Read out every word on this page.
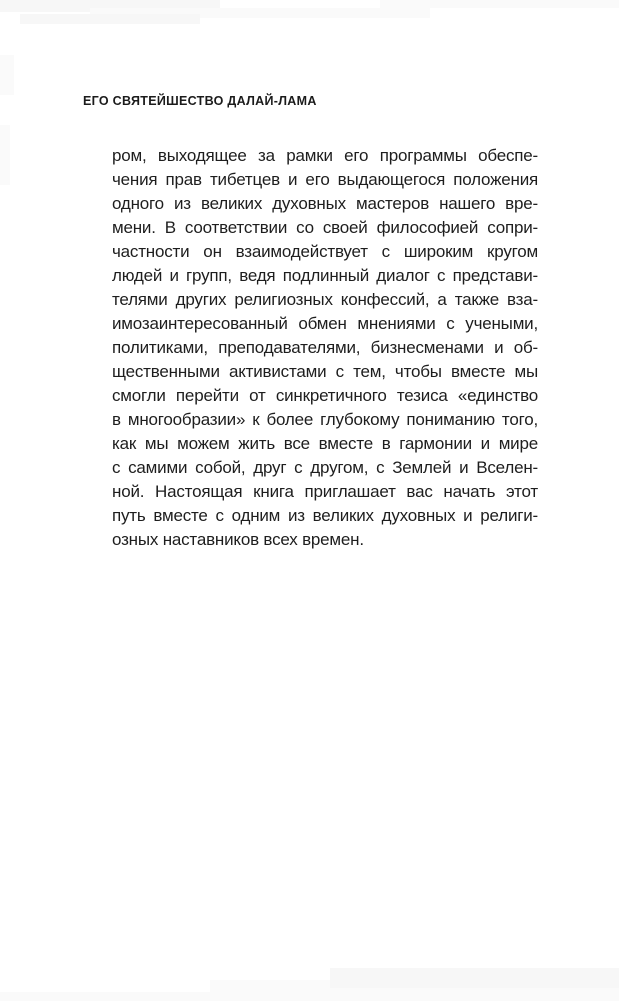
ЕГО СВЯТЕЙШЕСТВО ДАЛАЙ-ЛАМА
ром, выходящее за рамки его программы обеспе-
чения прав тибетцев и его выдающегося положения
одного из великих духовных мастеров нашего вре-
мени. В соответствии со своей философией сопри-
частности он взаимодействует с широким кругом
людей и групп, ведя подлинный диалог с представи-
телями других религиозных конфессий, а также вза-
имозаинтересованный обмен мнениями с учеными,
политиками, преподавателями, бизнесменами и об-
щественными активистами с тем, чтобы вместе мы
смогли перейти от синкретичного тезиса «единство
в многообразии» к более глубокому пониманию того,
как мы можем жить все вместе в гармонии и мире
с самими собой, друг с другом, с Землей и Вселен-
ной. Настоящая книга приглашает вас начать этот
путь вместе с одним из великих духовных и религи-
озных наставников всех времен.
